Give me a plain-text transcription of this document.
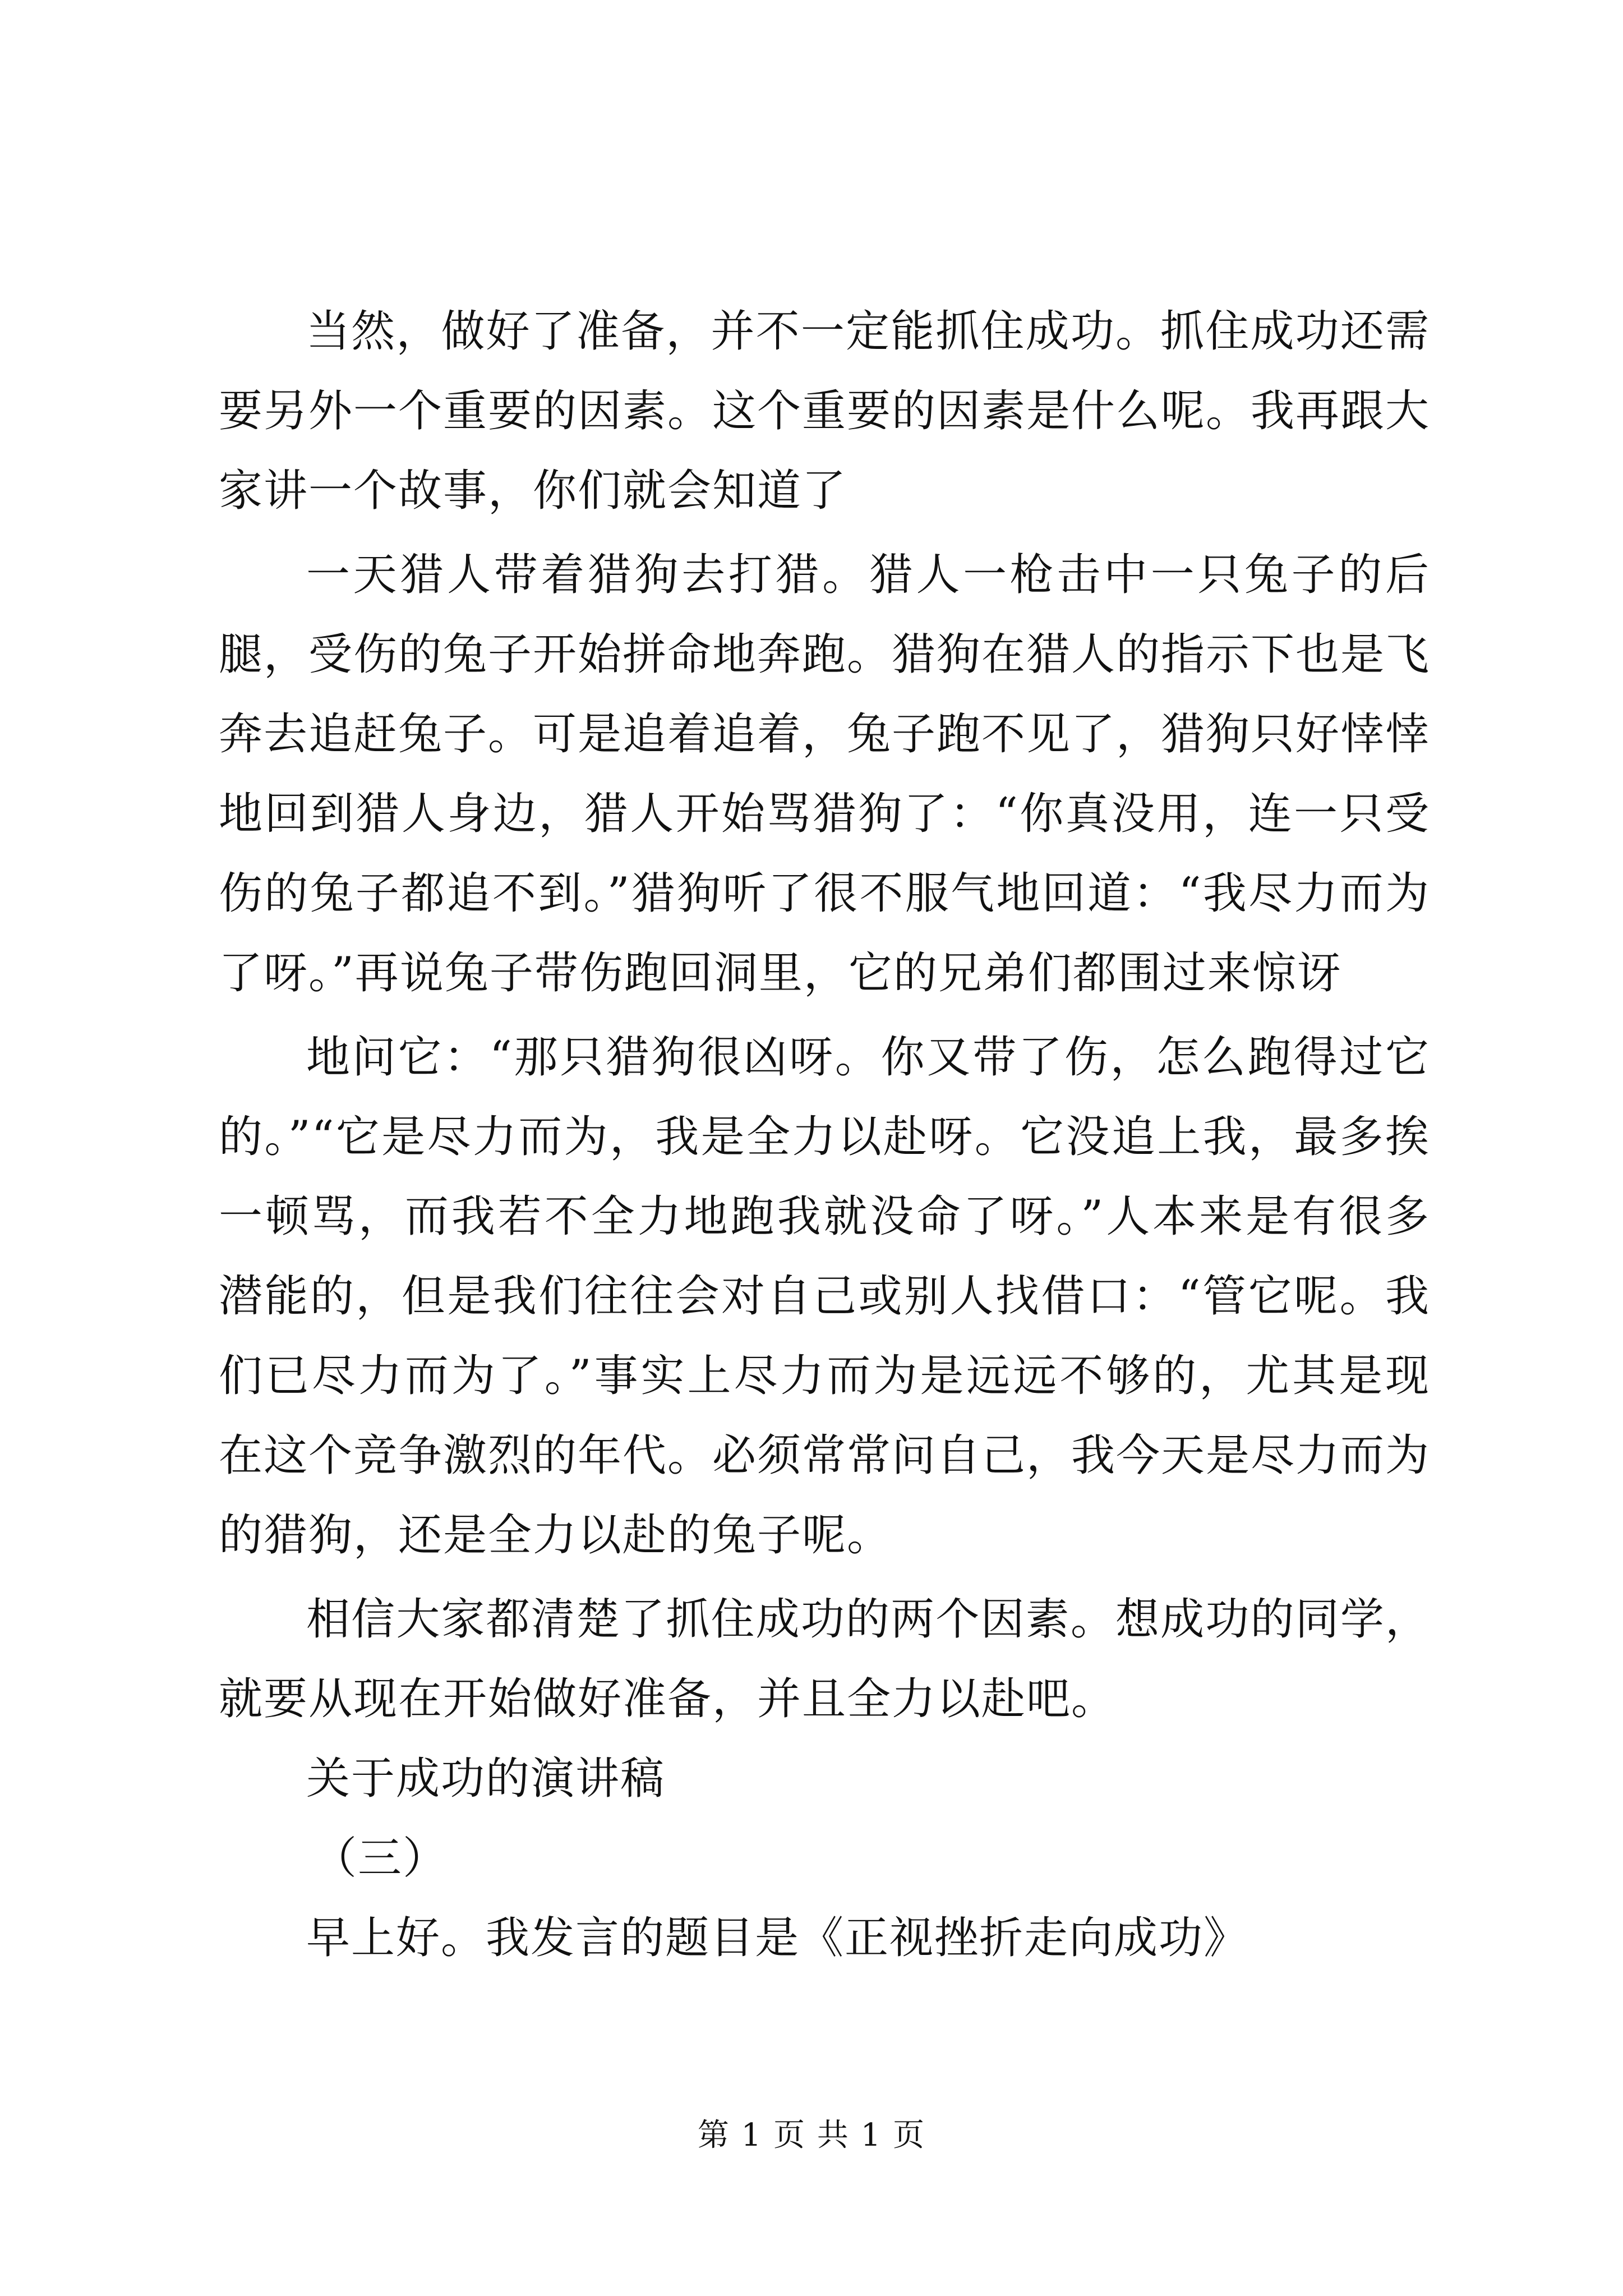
当然，做好了准备，并不一定能抓住成功。抓住成功还需要另外一个重要的因素。这个重要的因素是什么呢。我再跟大家讲一个故事，你们就会知道了

一天猎人带着猎狗去打猎。猎人一枪击中一只兔子的后腿，受伤的兔子开始拼命地奔跑。猎狗在猎人的指示下也是飞奔去追赶兔子。可是追着追着，兔子跑不见了，猎狗只好悻悻地回到猎人身边，猎人开始骂猎狗了：“你真没用，连一只受伤的兔子都追不到。”猎狗听了很不服气地回道：“我尽力而为了呀。”再说兔子带伤跑回洞里，它的兄弟们都围过来惊讶

地问它：“那只猎狗很凶呀。你又带了伤，怎么跑得过它的。”“它是尽力而为，我是全力以赴呀。它没追上我，最多挨一顿骂，而我若不全力地跑我就没命了呀。”人本来是有很多潜能的，但是我们往往会对自己或别人找借口：“管它呢。我们已尽力而为了。”事实上尽力而为是远远不够的，尤其是现在这个竞争激烈的年代。必须常常问自己，我今天是尽力而为的猎狗，还是全力以赴的兔子呢。

相信大家都清楚了抓住成功的两个因素。想成功的同学，就要从现在开始做好准备，并且全力以赴吧。

关于成功的演讲稿

（三）

早上好。我发言的题目是《正视挫折走向成功》

第 1 页 共 1 页
